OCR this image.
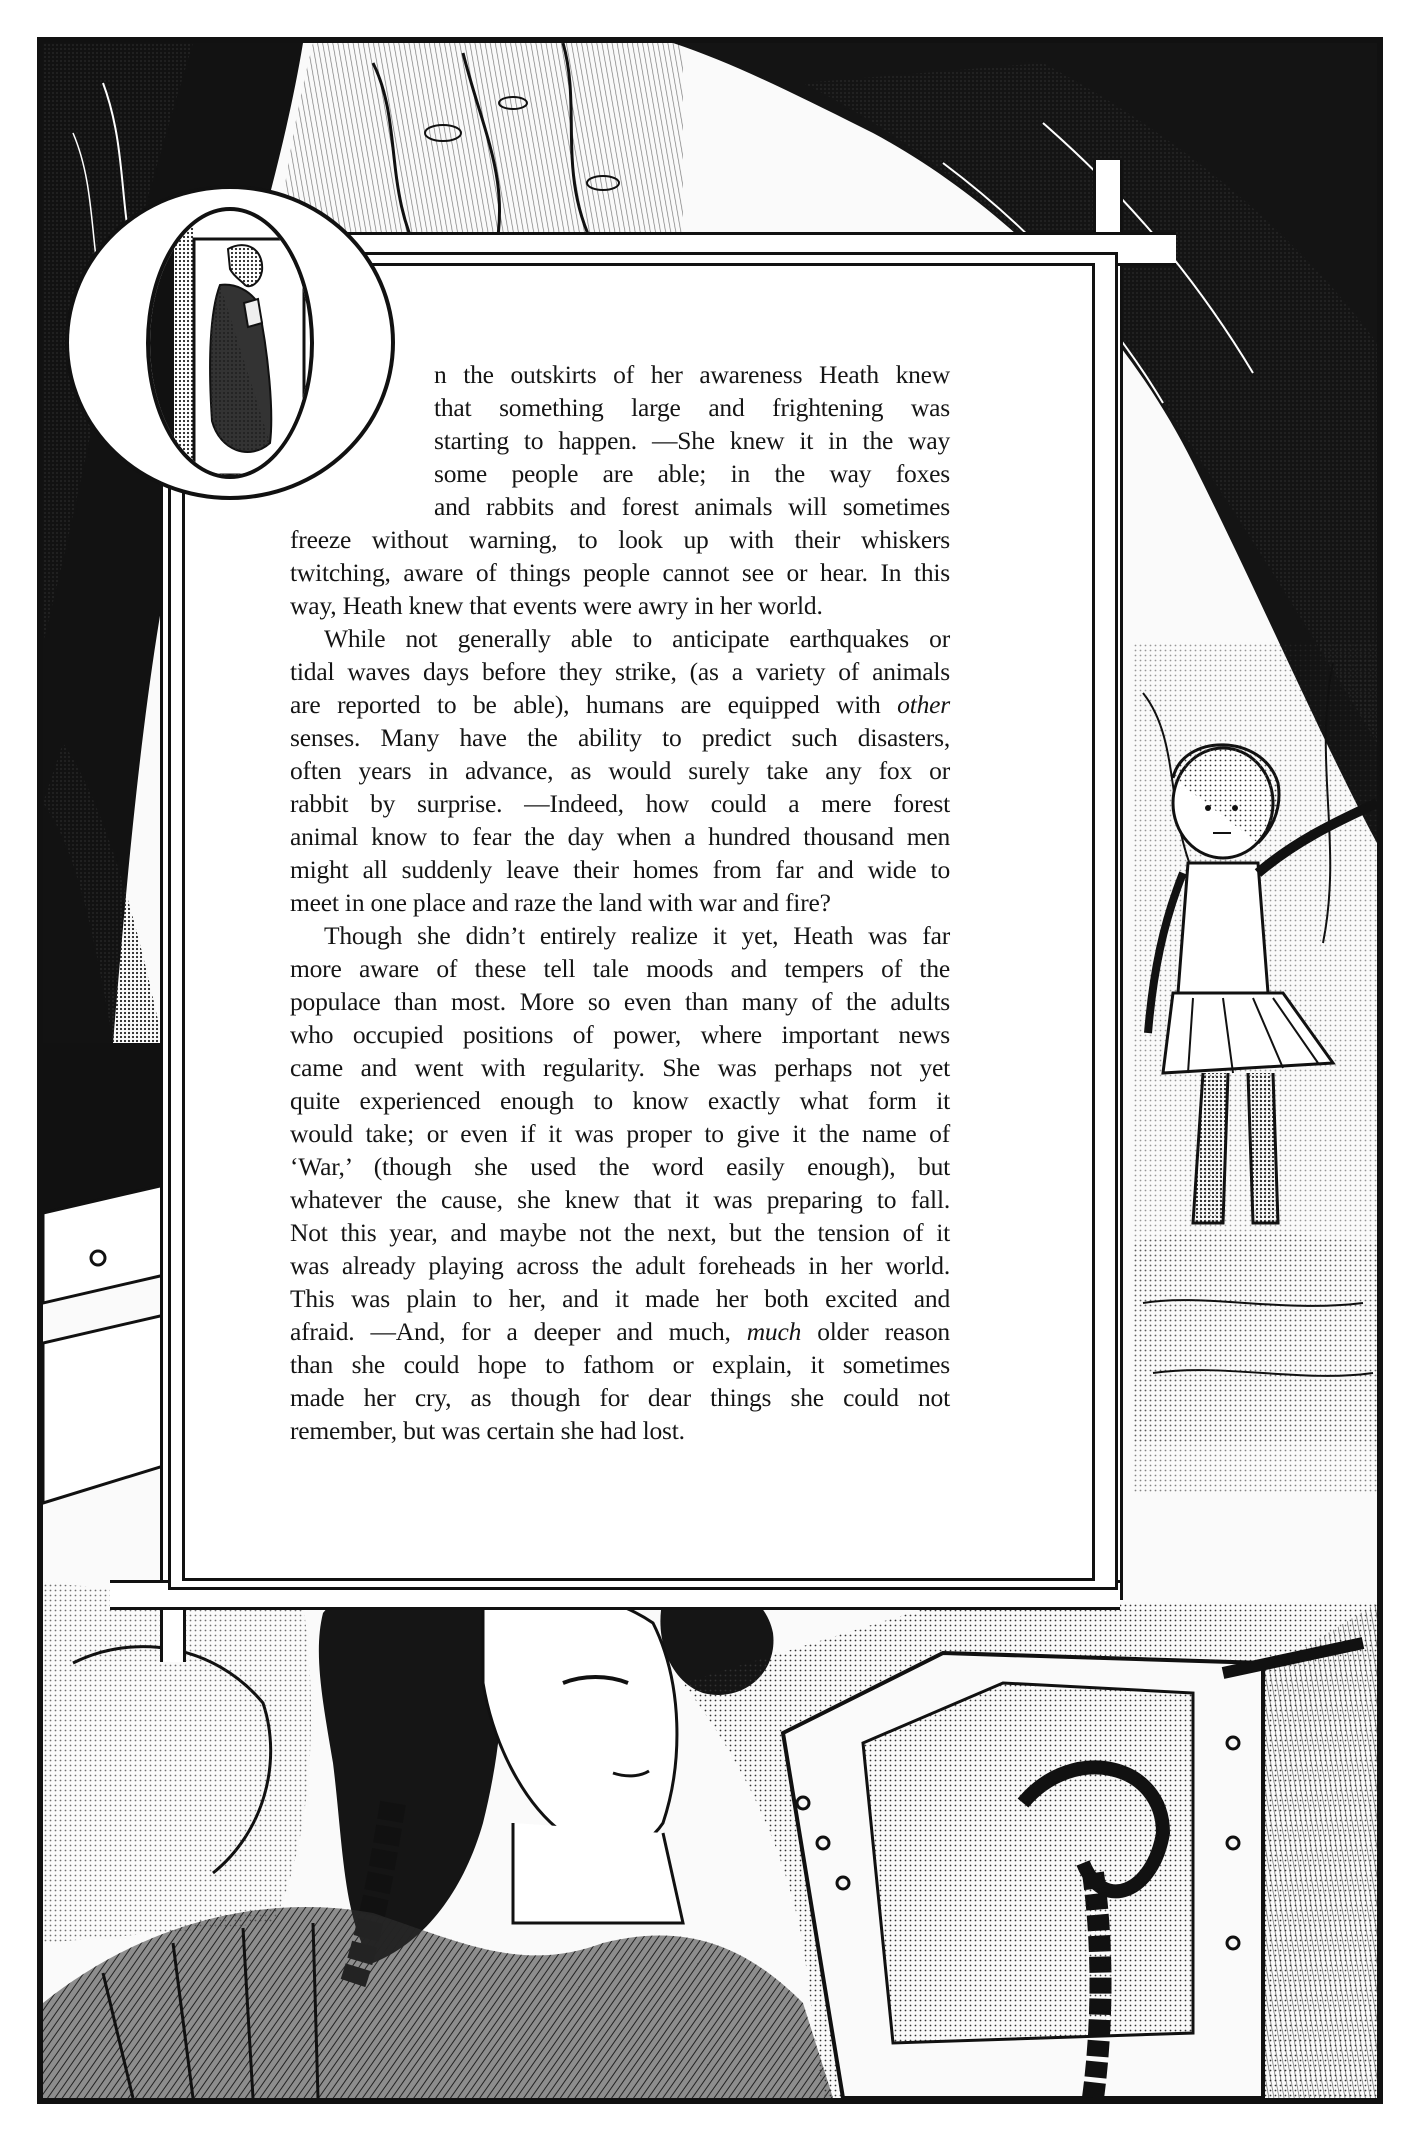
n the outskirts of her awareness Heath knew
that something large and frightening was
starting to happen. —She knew it in the way
some people are able; in the way foxes
and rabbits and forest animals will sometimes
freeze without warning, to look up with their whiskers
twitching, aware of things people cannot see or hear. In this
way, Heath knew that events were awry in her world.
While not generally able to anticipate earthquakes or
tidal waves days before they strike, (as a variety of animals
are reported to be able), humans are equipped with other
senses. Many have the ability to predict such disasters,
often years in advance, as would surely take any fox or
rabbit by surprise. —Indeed, how could a mere forest
animal know to fear the day when a hundred thousand men
might all suddenly leave their homes from far and wide to
meet in one place and raze the land with war and fire?
Though she didn’t entirely realize it yet, Heath was far
more aware of these tell tale moods and tempers of the
populace than most. More so even than many of the adults
who occupied positions of power, where important news
came and went with regularity. She was perhaps not yet
quite experienced enough to know exactly what form it
would take; or even if it was proper to give it the name of
‘War,’ (though she used the word easily enough), but
whatever the cause, she knew that it was preparing to fall.
Not this year, and maybe not the next, but the tension of it
was already playing across the adult foreheads in her world.
This was plain to her, and it made her both excited and
afraid. —And, for a deeper and much, much older reason
than she could hope to fathom or explain, it sometimes
made her cry, as though for dear things she could not
remember, but was certain she had lost.
